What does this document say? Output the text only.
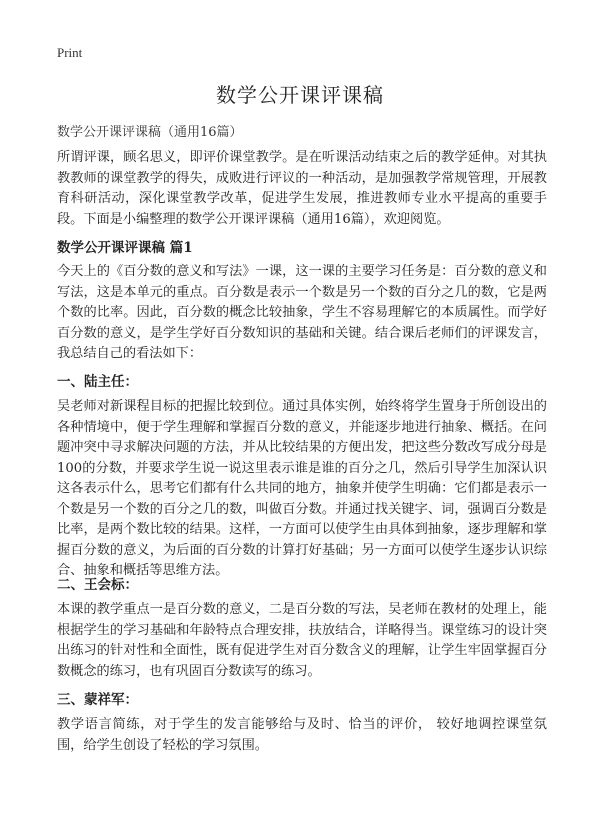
Print
数学公开课评课稿

数学公开课评课稿（通用16篇）

所谓评课，顾名思义，即评价课堂教学。是在听课活动结束之后的教学延伸。对其执教教师的课堂教学的得失，成败进行评议的一种活动，是加强教学常规管理，开展教育科研活动，深化课堂教学改革，促进学生发展，推进教师专业水平提高的重要手段。下面是小编整理的数学公开课评课稿（通用16篇），欢迎阅览。

数学公开课评课稿 篇1

今天上的《百分数的意义和写法》一课，这一课的主要学习任务是：百分数的意义和写法，这是本单元的重点。百分数是表示一个数是另一个数的百分之几的数，它是两个数的比率。因此，百分数的概念比较抽象，学生不容易理解它的本质属性。而学好百分数的意义，是学生学好百分数知识的基础和关键。结合课后老师们的评课发言，我总结自己的看法如下：

一、陆主任：

吴老师对新课程目标的把握比较到位。通过具体实例，始终将学生置身于所创设出的各种情境中，便于学生理解和掌握百分数的意义，并能逐步地进行抽象、概括。在问题冲突中寻求解决问题的方法，并从比较结果的方便出发，把这些分数改写成分母是100的分数，并要求学生说一说这里表示谁是谁的百分之几，然后引导学生加深认识这各表示什么，思考它们都有什么共同的地方，抽象并使学生明确：它们都是表示一个数是另一个数的百分之几的数，叫做百分数。并通过找关键字、词，强调百分数是比率，是两个数比较的结果。这样，一方面可以使学生由具体到抽象，逐步理解和掌握百分数的意义，为后面的百分数的计算打好基础；另一方面可以使学生逐步认识综合、抽象和概括等思维方法。

二、王会标：

本课的教学重点一是百分数的意义，二是百分数的写法，吴老师在教材的处理上，能根据学生的学习基础和年龄特点合理安排，扶放结合，详略得当。课堂练习的设计突出练习的针对性和全面性，既有促进学生对百分数含义的理解，让学生牢固掌握百分数概念的练习，也有巩固百分数读写的练习。

三、蒙祥军：

教学语言简练，对于学生的发言能够给与及时、恰当的评价， 较好地调控课堂氛围，给学生创设了轻松的学习氛围。
